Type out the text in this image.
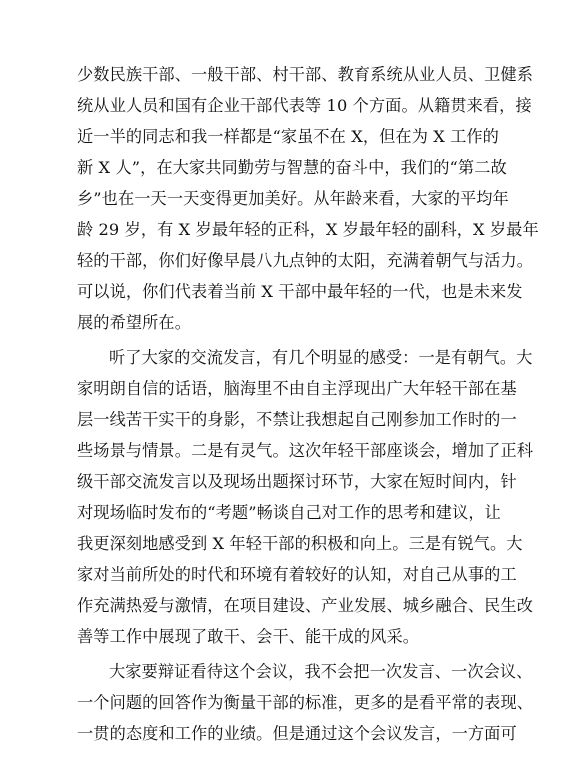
少数民族干部、一般干部、村干部、教育系统从业人员、卫健系
统从业人员和国有企业干部代表等 10 个方面。从籍贯来看，接
近一半的同志和我一样都是“家虽不在 X，但在为 X 工作的
新 X 人”，在大家共同勤劳与智慧的奋斗中，我们的“第二故
乡”也在一天一天变得更加美好。从年龄来看，大家的平均年
龄 29 岁，有 X 岁最年轻的正科，X 岁最年轻的副科，X 岁最年
轻的干部，你们好像早晨八九点钟的太阳，充满着朝气与活力。
可以说，你们代表着当前 X 干部中最年轻的一代，也是未来发
展的希望所在。
听了大家的交流发言，有几个明显的感受：一是有朝气。大
家明朗自信的话语，脑海里不由自主浮现出广大年轻干部在基
层一线苦干实干的身影，不禁让我想起自己刚参加工作时的一
些场景与情景。二是有灵气。这次年轻干部座谈会，增加了正科
级干部交流发言以及现场出题探讨环节，大家在短时间内，针
对现场临时发布的“考题”畅谈自己对工作的思考和建议，让
我更深刻地感受到 X 年轻干部的积极和向上。三是有锐气。大
家对当前所处的时代和环境有着较好的认知，对自己从事的工
作充满热爱与激情，在项目建设、产业发展、城乡融合、民生改
善等工作中展现了敢干、会干、能干成的风采。
大家要辩证看待这个会议，我不会把一次发言、一次会议、
一个问题的回答作为衡量干部的标准，更多的是看平常的表现、
一贯的态度和工作的业绩。但是通过这个会议发言，一方面可
